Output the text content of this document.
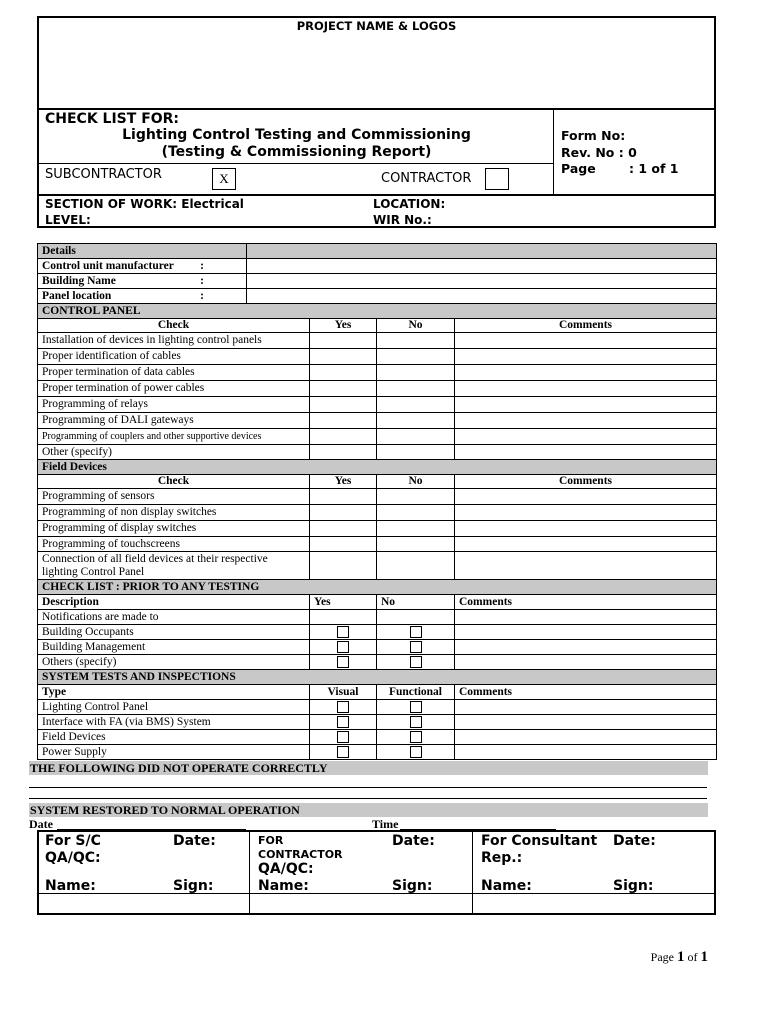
PROJECT NAME & LOGOS
CHECK LIST FOR:
Lighting Control Testing and Commissioning
(Testing & Commissioning Report)
Form No:
Rev. No : 0
Page	: 1 of 1
SUBCONTRACTOR	X	CONTRACTOR
SECTION OF WORK: Electrical	LOCATION:
LEVEL:	WIR No.:
Details				
Control unit manufacturer :				

Building Name :				

Panel location :				

CONTROL PANEL				
Check		Yes	No	Comments
Installation of devices in lighting control panels				
Proper identification of cables				
Proper termination of data cables				
Proper termination of power cables				
Programming of relays				
Programming of DALI gateways				
Programming of couplers and other supportive devices				
Other (specify)				
Field Devices				
Check		Yes	No	Comments
Programming of sensors				
Programming of non display switches				
Programming of display switches				
Programming of touchscreens				
Connection of all field devices at their respective lighting Control Panel				
CHECK LIST : PRIOR TO ANY TESTING				
Description		Yes	No	Comments
Notifications are made to				
Building Occupants				
Building Management				
Others (specify)				
SYSTEM TESTS AND INSPECTIONS				
Type		Visual	Functional	Comments
Lighting Control Panel				
Interface with FA (via BMS) System				
Field Devices				
Power Supply				
THE FOLLOWING DID NOT OPERATE CORRECTLY
SYSTEM RESTORED TO NORMAL OPERATION
Date	Time
For S/C
QA/QC:
Date:
Name:	Sign:
FOR
CONTRACTOR
QA/QC:
Date:
Name:	Sign:
For Consultant
Rep.:
Date:
Name:	Sign:
Page 1 of 1
